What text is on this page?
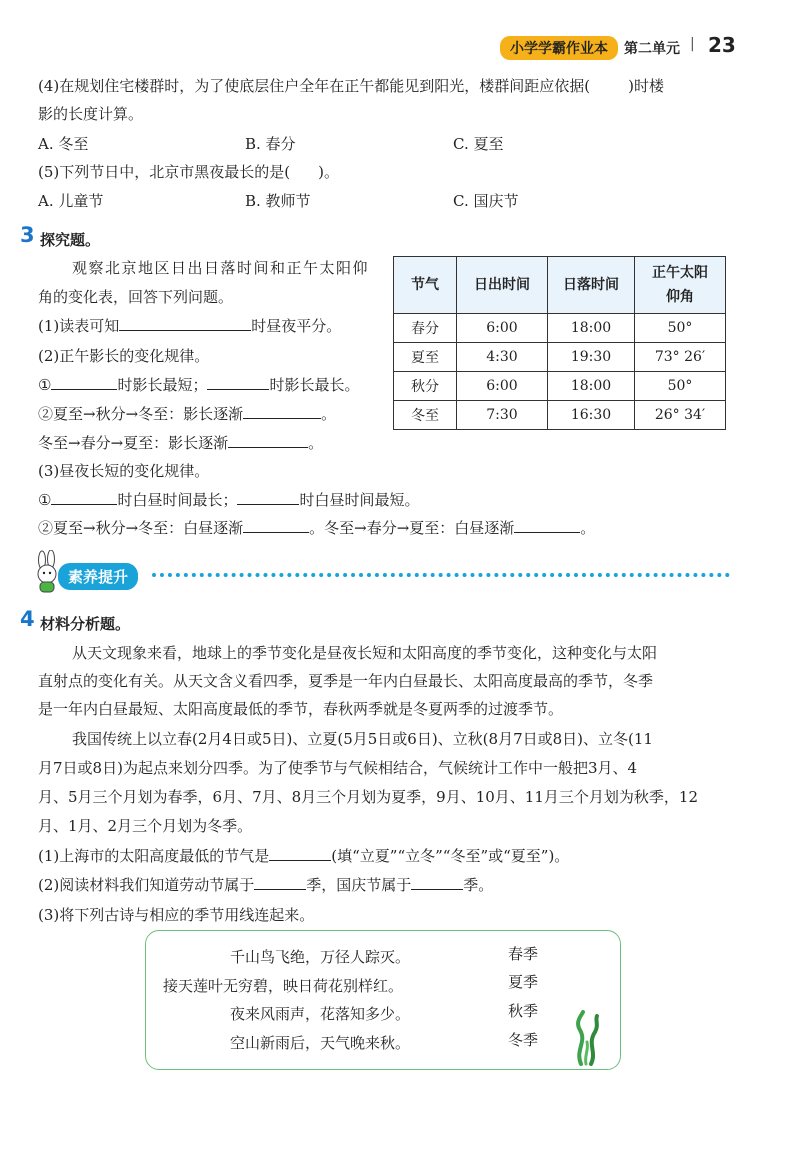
小学学霸作业本	第二单元 | 23
(4)在规划住宅楼群时，为了使底层住户全年在正午都能见到阳光，楼群间距应依据(	)时楼
影的长度计算。
A. 冬至	B. 春分	C. 夏至
(5)下列节日中，北京市黑夜最长的是( )。
A. 儿童节	B. 教师节	C. 国庆节
3 探究题。
观察北京地区日出日落时间和正午太阳仰
角的变化表，回答下列问题。
(1)读表可知	时昼夜平分。
(2)正午影长的变化规律。
①	时影长最短；	时影长最长。
②夏至→秋分→冬至：影长逐渐	。
冬至→春分→夏至：影长逐渐	。
(3)昼夜长短的变化规律。
①	时白昼时间最长；	时白昼时间最短。
②夏至→秋分→冬至：白昼逐渐	。冬至→春分→夏至：白昼逐渐	。
节气	日出时间	日落时间	正午太阳
仰角
春分	6:00	18:00	50°
夏至	4:30	19:30	73° 26′
秋分	6:00	18:00	50°
冬至	7:30	16:30	26° 34′
素养提升
4 材料分析题。
从天文现象来看，地球上的季节变化是昼夜长短和太阳高度的季节变化，这种变化与太阳
直射点的变化有关。从天文含义看四季，夏季是一年内白昼最长、太阳高度最高的季节，冬季
是一年内白昼最短、太阳高度最低的季节，春秋两季就是冬夏两季的过渡季节。
我国传统上以立春(2月4日或5日)、立夏(5月5日或6日)、立秋(8月7日或8日)、立冬(11
月7日或8日)为起点来划分四季。为了使季节与气候相结合，气候统计工作中一般把3月、4
月、5月三个月划为春季，6月、7月、8月三个月划为夏季，9月、10月、11月三个月划为秋季，12
月、1月、2月三个月划为冬季。
(1)上海市的太阳高度最低的节气是	(填“立夏”“立冬”“冬至”或“夏至”)。
(2)阅读材料我们知道劳动节属于	季，国庆节属于	季。
(3)将下列古诗与相应的季节用线连起来。
千山鸟飞绝，万径人踪灭。
接天莲叶无穷碧，映日荷花别样红。
夜来风雨声，花落知多少。
空山新雨后，天气晚来秋。
春季
夏季
秋季
冬季
